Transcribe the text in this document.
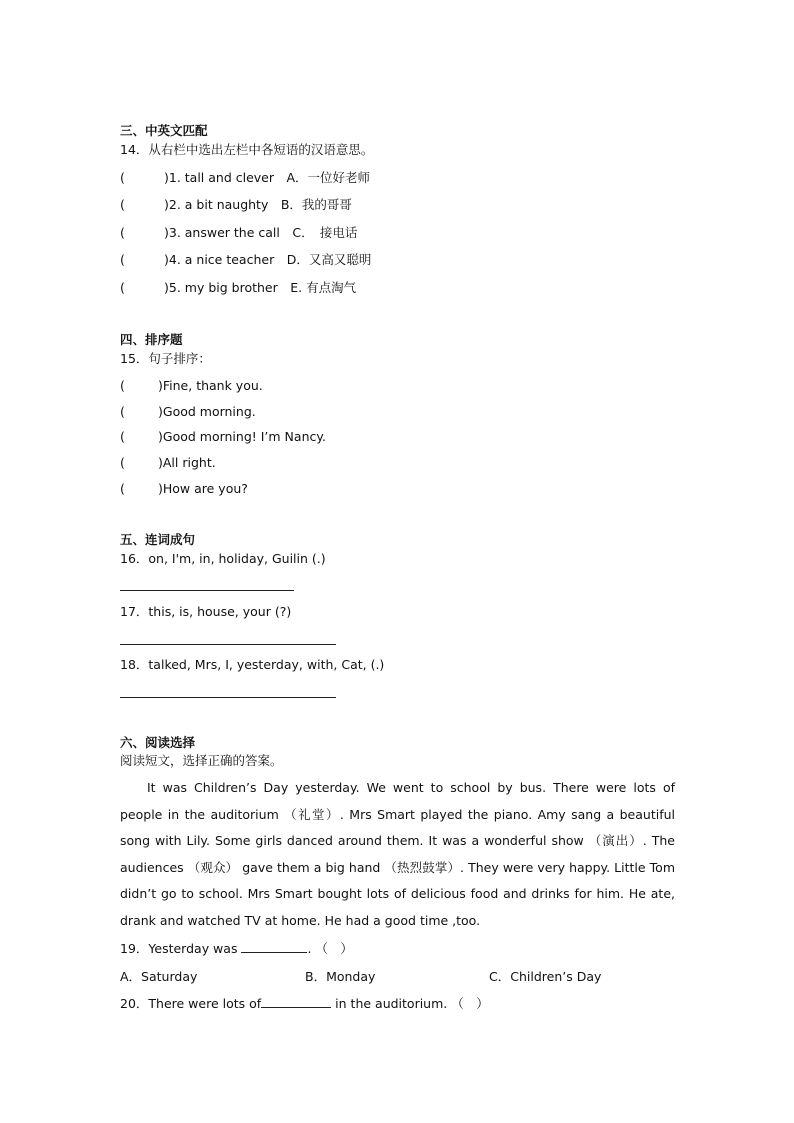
三、中英文匹配
14．从右栏中选出左栏中各短语的汉语意思。
(	)1. tall and clever　A．一位好老师
(	)2. a bit naughty　B．我的哥哥
(	)3. answer the call　C．　接电话
(	)4. a nice teacher　D．又高又聪明
(	)5. my big brother　E. 有点淘气
四、排序题
15．句子排序：
(	)Fine, thank you.
(	)Good morning.
(	)Good morning! I’m Nancy.
(	)All right.
(	)How are you?
五、连词成句
16．on, I'm, in, holiday, Guilin (.)
17．this, is, house, your (?)
18．talked, Mrs, I, yesterday, with, Cat, (.)
六、阅读选择
阅读短文，选择正确的答案。

It was Children’s Day yesterday. We went to school by bus. There were lots of people in the auditorium （礼堂）. Mrs Smart played the piano. Amy sang a beautiful song with Lily. Some girls danced around them. It was a wonderful show （演出）. The audiences （观众） gave them a big hand （热烈鼓掌）. They were very happy. Little Tom didn’t go to school. Mrs Smart bought lots of delicious food and drinks for him. He ate, drank and watched TV at home. He had a good time ,too.

19．Yesterday was	. （　）
A．Saturday	B．Monday	C．Children’s Day
20．There were lots of	in the auditorium. （　）
